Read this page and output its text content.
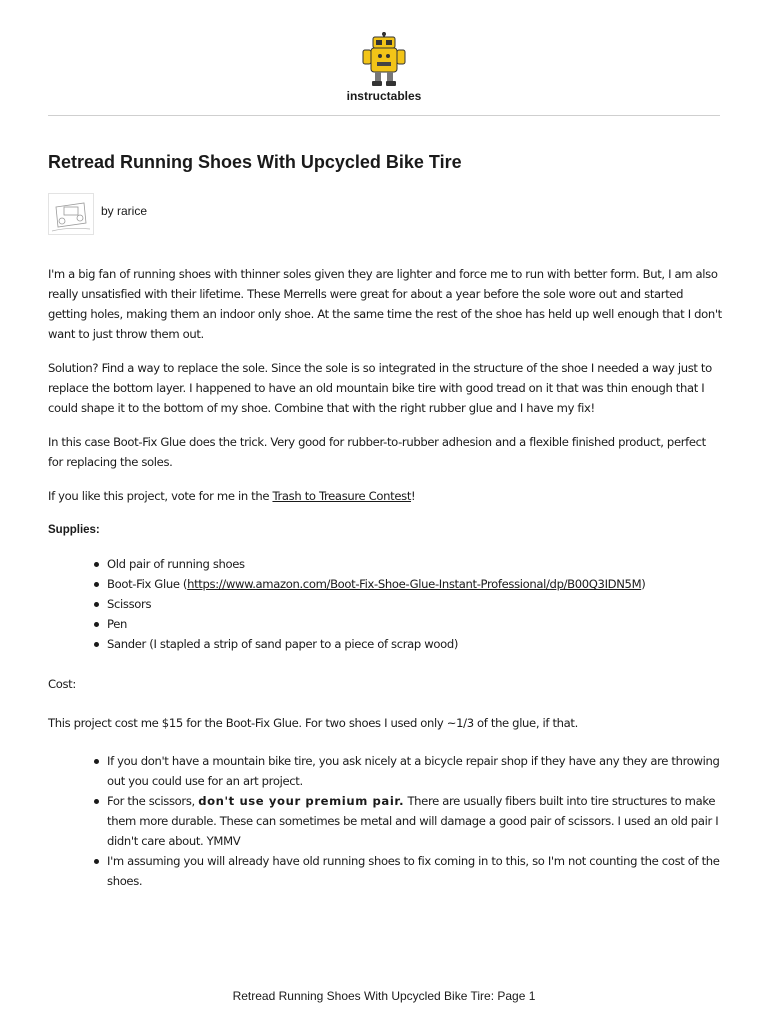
instructables
Retread Running Shoes With Upcycled Bike Tire
by rarice

I'm a big fan of running shoes with thinner soles given they are lighter and force me to run with better form. But, I am also really unsatisfied with their lifetime. These Merrells were great for about a year before the sole wore out and started getting holes, making them an indoor only shoe. At the same time the rest of the shoe has held up well enough that I don't want to just throw them out.

Solution? Find a way to replace the sole. Since the sole is so integrated in the structure of the shoe I needed a way just to replace the bottom layer. I happened to have an old mountain bike tire with good tread on it that was thin enough that I could shape it to the bottom of my shoe. Combine that with the right rubber glue and I have my fix!

In this case Boot-Fix Glue does the trick. Very good for rubber-to-rubber adhesion and a flexible finished product, perfect for replacing the soles.

If you like this project, vote for me in the Trash to Treasure Contest!

Supplies:

Old pair of running shoes
Boot-Fix Glue (https://www.amazon.com/Boot-Fix-Shoe-Glue-Instant-Professional/dp/B00Q3IDN5M)
Scissors
Pen
Sander (I stapled a strip of sand paper to a piece of scrap wood)

Cost:

This project cost me $15 for the Boot-Fix Glue. For two shoes I used only ~1/3 of the glue, if that.

If you don't have a mountain bike tire, you ask nicely at a bicycle repair shop if they have any they are throwing out you could use for an art project.
For the scissors, don't use your premium pair. There are usually fibers built into tire structures to make them more durable. These can sometimes be metal and will damage a good pair of scissors. I used an old pair I didn't care about. YMMV
I'm assuming you will already have old running shoes to fix coming in to this, so I'm not counting the cost of the shoes.
Retread Running Shoes With Upcycled Bike Tire: Page 1
